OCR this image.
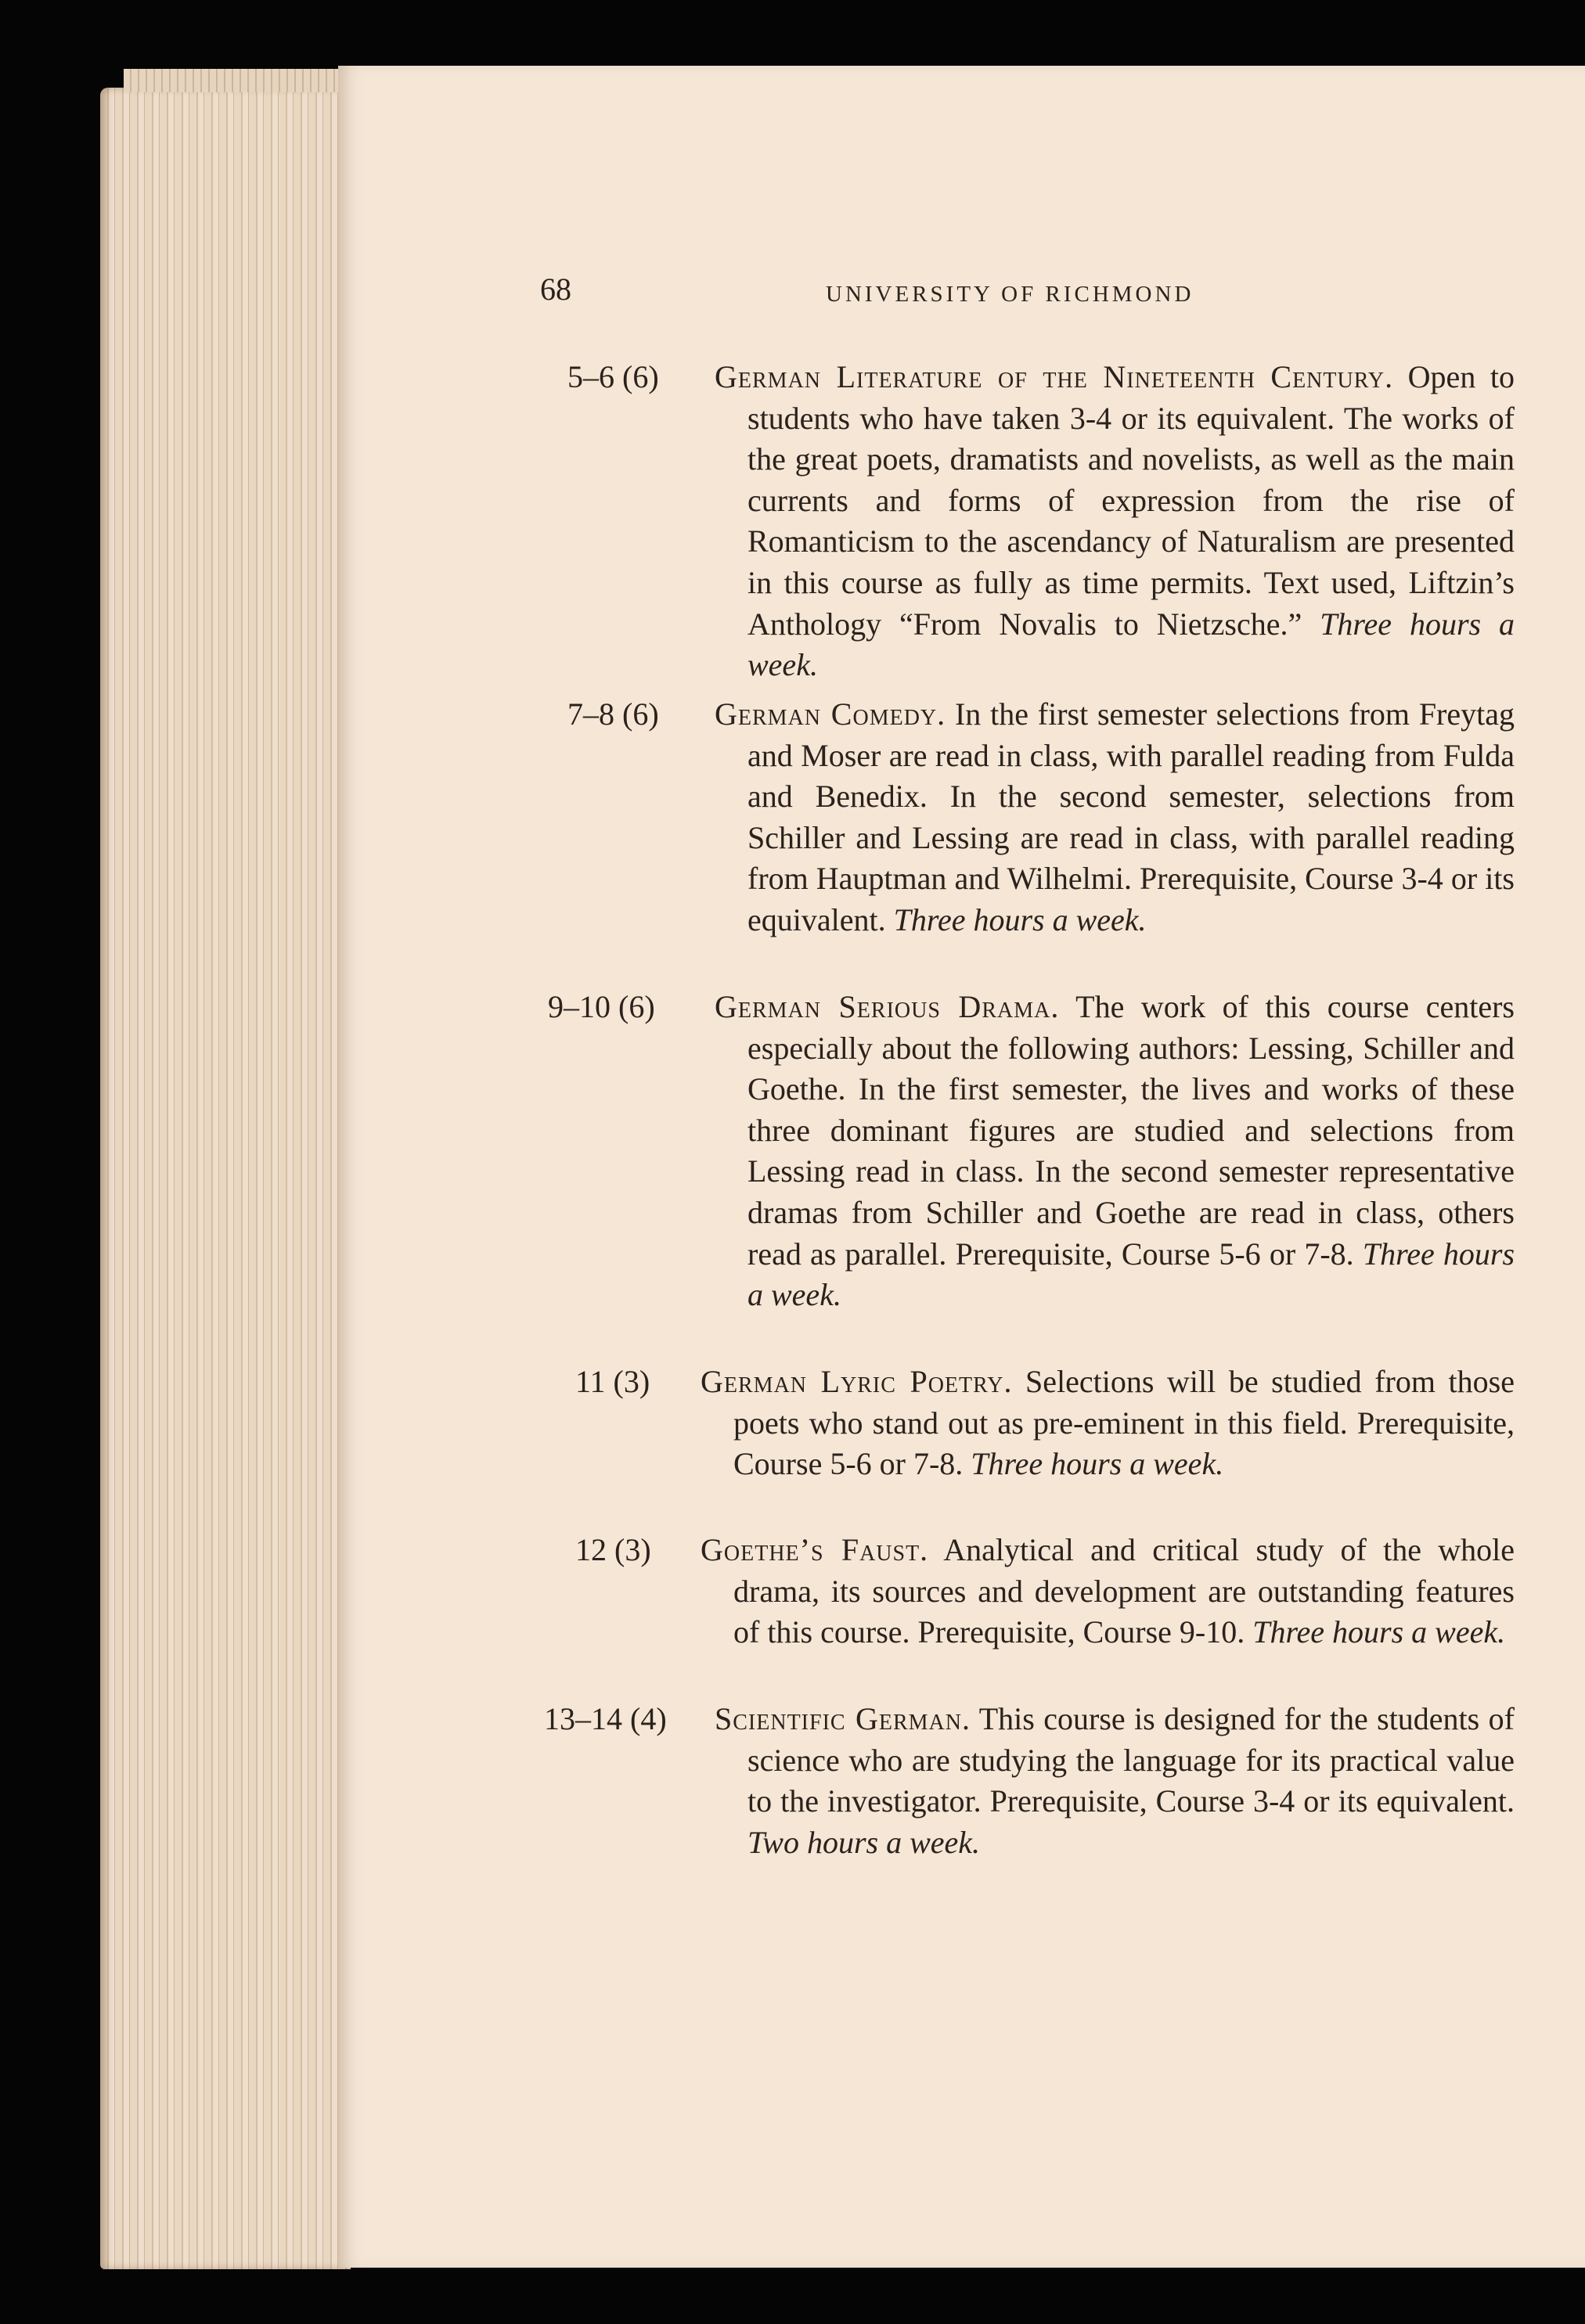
68	UNIVERSITY OF RICHMOND
5–6 (6)	German Literature of the Nineteenth Century. Open to students who have taken 3-4 or its equivalent. The works of the great poets, dramatists and novelists, as well as the main currents and forms of expression from the rise of Romanticism to the ascendancy of Naturalism are presented in this course as fully as time permits. Text used, Liftzin’s Anthology “From Novalis to Nietzsche.” Three hours a week.
7–8 (6)	German Comedy. In the first semester selections from Freytag and Moser are read in class, with parallel reading from Fulda and Benedix. In the second semester, selections from Schiller and Lessing are read in class, with parallel reading from Hauptman and Wilhelmi. Prerequisite, Course 3-4 or its equivalent. Three hours a week.
9–10 (6)	German Serious Drama. The work of this course centers especially about the following authors: Lessing, Schiller and Goethe. In the first semester, the lives and works of these three dominant figures are studied and selections from Lessing read in class. In the second semester representative dramas from Schiller and Goethe are read in class, others read as parallel. Prerequisite, Course 5-6 or 7-8. Three hours a week.
11 (3)	German Lyric Poetry. Selections will be studied from those poets who stand out as pre-eminent in this field. Prerequisite, Course 5-6 or 7-8. Three hours a week.
12 (3)	Goethe’s Faust. Analytical and critical study of the whole drama, its sources and development are outstanding features of this course. Prerequisite, Course 9-10. Three hours a week.
13–14 (4)	Scientific German. This course is designed for the students of science who are studying the language for its practical value to the investigator. Prerequisite, Course 3-4 or its equivalent. Two hours a week.
